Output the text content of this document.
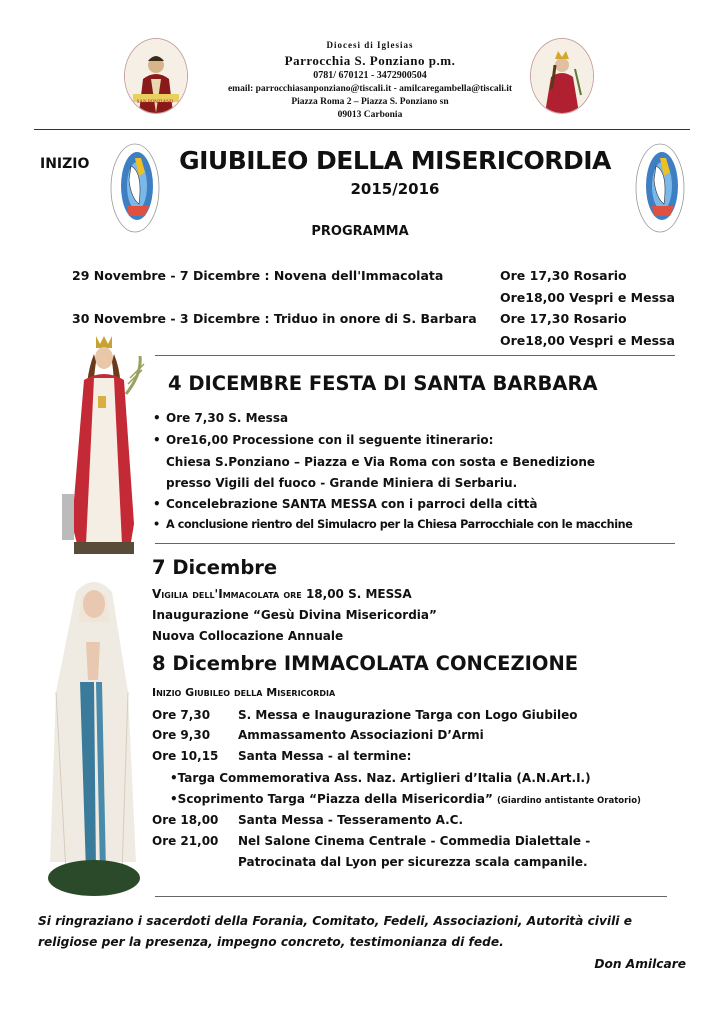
SAN PONZIANO
Diocesi di Iglesias
Parrocchia S. Ponziano p.m.
0781/ 670121 - 3472900504
email: parrocchiasanponziano@tiscali.it - amilcaregambella@tiscali.it
Piazza Roma 2 – Piazza S. Ponziano sn
09013 Carbonia
INIZIO	GIUBILEO DELLA MISERICORDIA
2015/2016
PROGRAMMA
29 Novembre - 7 Dicembre : Novena dell'Immacolata	Ore 17,30 Rosario
Ore18,00 Vespri e Messa
30 Novembre - 3 Dicembre : Triduo in onore di S. Barbara Ore 17,30 Rosario
Ore18,00 Vespri e Messa
4 DICEMBRE FESTA DI SANTA BARBARA
• Ore 7,30 S. Messa
• Ore16,00 Processione con il seguente itinerario:
Chiesa S.Ponziano – Piazza e Via Roma con sosta e Benedizione
presso Vigili del fuoco - Grande Miniera di Serbariu.
• Concelebrazione SANTA MESSA con i parroci della città
• A conclusione rientro del Simulacro per la Chiesa Parrocchiale con le macchine
7 Dicembre
Vigilia dell'Immacolata ore 18,00 S. MESSA
Inaugurazione “Gesù Divina Misericordia”
Nuova Collocazione Annuale
8 Dicembre IMMACOLATA CONCEZIONE
Inizio Giubileo della Misericordia
Ore 7,30 S. Messa e Inaugurazione Targa con Logo Giubileo
Ore 9,30 Ammassamento Associazioni D’Armi
Ore 10,15 Santa Messa - al termine:
•Targa Commemorativa Ass. Naz. Artiglieri d’Italia (A.N.Art.I.)
•Scoprimento Targa “Piazza della Misericordia” (Giardino antistante Oratorio)
Ore 18,00 Santa Messa - Tesseramento A.C.
Ore 21,00 Nel Salone Cinema Centrale - Commedia Dialettale -
Patrocinata dal Lyon per sicurezza scala campanile.
Si ringraziano i sacerdoti della Forania, Comitato, Fedeli, Associazioni, Autorità civili e
religiose per la presenza, impegno concreto, testimonianza di fede.
Don Amilcare
